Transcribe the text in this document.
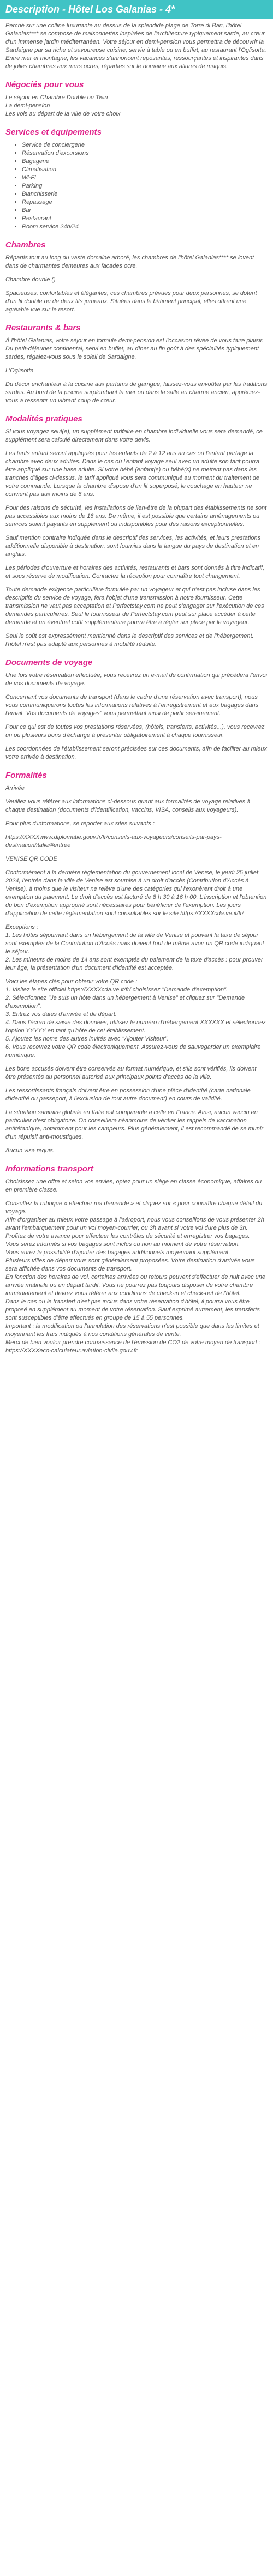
Description - Hôtel Los Galanias - 4*

Perché sur une colline luxuriante au dessus de la splendide plage de Torre di Bari, l'hôtel Galanias**** se compose de maisonnettes inspirées de l'architecture typiquement sarde, au cœur d'un immense jardin méditerranéen. Votre séjour en demi-pension vous permettra de découvrir la Sardaigne par sa riche et savoureuse cuisine, servie à table ou en buffet, au restaurant l'Oglisotta. Entre mer et montagne, les vacances s'annoncent reposantes, ressourçantes et inspirantes dans de jolies chambres aux murs ocres, réparties sur le domaine aux allures de maquis.

Négociés pour vous
Le séjour en Chambre Double ou Twin
La demi-pension
Les vols au départ de la ville de votre choix
Services et équipements
• Service de conciergerie
• Réservation d'excursions
• Bagagerie
• Climatisation
• Wi-Fi
• Parking
• Blanchisserie
• Repassage
• Bar
• Restaurant
• Room service 24h/24
Chambres

Répartis tout au long du vaste domaine arboré, les chambres de l'hôtel Galanias**** se lovent dans de charmantes demeures aux façades ocre.

Chambre double ()

Spacieuses, confortables et élégantes, ces chambres prévues pour deux personnes, se dotent d'un lit double ou de deux lits jumeaux. Situées dans le bâtiment principal, elles offrent une agréable vue sur le resort.

Restaurants & bars

À l'hôtel Galanias, votre séjour en formule demi-pension est l'occasion rêvée de vous faire plaisir. Du petit-déjeuner continental, servi en buffet, au dîner au fin goût à des spécialités typiquement sardes, régalez-vous sous le soleil de Sardaigne.

L'Oglisotta

Du décor enchanteur à la cuisine aux parfums de garrigue, laissez-vous envoûter par les traditions sardes. Au bord de la piscine surplombant la mer ou dans la salle au charme ancien, appréciez-vous à ressentir un vibrant coup de cœur.

Modalités pratiques

Si vous voyagez seul(e), un supplément tarifaire en chambre individuelle vous sera demandé, ce supplément sera calculé directement dans votre devis.

Les tarifs enfant seront appliqués pour les enfants de 2 à 12 ans au cas où l'enfant partage la chambre avec deux adultes. Dans le cas où l'enfant voyage seul avec un adulte son tarif pourra être appliqué sur une base adulte. Si votre bébé (enfant(s) ou bébé(s) ne mettent pas dans les tranches d'âges ci-dessus, le tarif appliqué vous sera communiqué au moment du traitement de votre commande. Lorsque la chambre dispose d'un lit superposé, le couchage en hauteur ne convient pas aux moins de 6 ans.

Pour des raisons de sécurité, les installations de lien-être de la plupart des établissements ne sont pas accessibles aux moins de 16 ans. De même, il est possible que certains aménagements ou services soient payants en supplément ou indisponibles pour des raisons exceptionnelles.

Sauf mention contraire indiquée dans le descriptif des services, les activités, et leurs prestations additionnelle disponible à destination, sont fournies dans la langue du pays de destination et en anglais.

Les périodes d'ouverture et horaires des activités, restaurants et bars sont donnés à titre indicatif, et sous réserve de modification. Contactez la réception pour connaître tout changement.

Toute demande exigence particulière formulée par un voyageur et qui n'est pas incluse dans les descriptifs du service de voyage, fera l'objet d'une transmission à notre fournisseur. Cette transmission ne vaut pas acceptation et Perfectstay.com ne peut s'engager sur l'exécution de ces demandes particulières. Seul le fournisseur de Perfectstay.com peut sur place accéder à cette demande et un éventuel coût supplémentaire pourra être à régler sur place par le voyageur.

Seul le coût est expressément mentionné dans le descriptif des services et de l'hébergement. l'hôtel n'est pas adapté aux personnes à mobilité réduite.

Documents de voyage

Une fois votre réservation effectuée, vous recevrez un e-mail de confirmation qui précèdera l'envoi de vos documents de voyage.

Concernant vos documents de transport (dans le cadre d'une réservation avec transport), nous vous communiquerons toutes les informations relatives à l'enregistrement et aux bagages dans l'email "Vos documents de voyages" vous permettant ainsi de partir sereinement.

Pour ce qui est de toutes vos prestations réservées, (hôtels, transferts, activités...), vous recevrez un ou plusieurs bons d'échange à présenter obligatoirement à chaque fournisseur.

Les coordonnées de l'établissement seront précisées sur ces documents, afin de faciliter au mieux votre arrivée à destination.

Formalités

Arrivée

Veuillez vous référer aux informations ci-dessous quant aux formalités de voyage relatives à chaque destination (documents d'identification, vaccins, VISA, conseils aux voyageurs).

Pour plus d'informations, se reporter aux sites suivants :

https://XXXXwww.diplomatie.gouv.fr/fr/conseils-aux-voyageurs/conseils-par-pays-destination/italie/#entree

VENISE QR CODE

Conformément à la dernière réglementation du gouvernement local de Venise, le jeudi 25 juillet 2024, l'entrée dans la ville de Venise est soumise à un droit d'accès (Contribution d'Accès à Venise), à moins que le visiteur ne relève d'une des catégories qui l'exonèrent droit à une exemption du paiement. Le droit d'accès est facturé de 8 h 30 à 16 h 00. L'inscription et l'obtention du bon d'exemption approprié sont nécessaires pour bénéficier de l'exemption. Les jours d'application de cette réglementation sont consultables sur le site https://XXXXcda.ve.it/fr/

Exceptions :

1. Les hôtes séjournant dans un hébergement de la ville de Venise et pouvant la taxe de séjour sont exemptés de la Contribution d'Accès mais doivent tout de même avoir un QR code indiquant le séjour.

2. Les mineurs de moins de 14 ans sont exemptés du paiement de la taxe d'accès : pour prouver leur âge, la présentation d'un document d'identité est acceptée.

Voici les étapes clés pour obtenir votre QR code :

1. Visitez le site officiel https://XXXXcda.ve.it/fr/ choisissez "Demande d'exemption".

2. Sélectionnez "Je suis un hôte dans un hébergement à Venise" et cliquez sur "Demande d'exemption".

3. Entrez vos dates d'arrivée et de départ.

4. Dans l'écran de saisie des données, utilisez le numéro d'hébergement XXXXXX et sélectionnez l'option YYYYY en tant qu'hôte de cet établissement.

5. Ajoutez les noms des autres invités avec "Ajouter Visiteur".

6. Vous recevrez votre QR code électroniquement. Assurez-vous de sauvegarder un exemplaire numérique.

Les bons accusés doivent être conservés au format numérique, et s'ils sont vérifiés, ils doivent être présentés au personnel autorisé aux principaux points d'accès de la ville.

Les ressortissants français doivent être en possession d'une pièce d'identité (carte nationale d'identité ou passeport, à l'exclusion de tout autre document) en cours de validité.

La situation sanitaire globale en Italie est comparable à celle en France. Ainsi, aucun vaccin en particulier n'est obligatoire. On conseillera néanmoins de vérifier les rappels de vaccination antitétanique, notamment pour les campeurs. Plus généralement, il est recommandé de se munir d'un répulsif anti-moustiques.

Aucun visa requis.

Informations transport

Choisissez une offre et selon vos envies, optez pour un siège en classe économique, affaires ou en première classe.

Consultez la rubrique « effectuer ma demande » et cliquez sur « pour connaître chaque détail du voyage.

Afin d'organiser au mieux votre passage à l'aéroport, nous vous conseillons de vous présenter 2h avant l'embarquement pour un vol moyen-courrier, ou 3h avant si votre vol dure plus de 3h. Profitez de votre avance pour effectuer les contrôles de sécurité et enregistrer vos bagages.

Vous serez informés si vos bagages sont inclus ou non au moment de votre réservation.

Vous aurez la possibilité d'ajouter des bagages additionnels moyennant supplément.

Plusieurs villes de départ vous sont généralement proposées. Votre destination d'arrivée vous sera affichée dans vos documents de transport.

En fonction des horaires de vol, certaines arrivées ou retours peuvent s'effectuer de nuit avec une arrivée matinale ou un départ tardif. Vous ne pourrez pas toujours disposer de votre chambre immédiatement et devrez vous référer aux conditions de check-in et check-out de l'hôtel.

Dans le cas où le transfert n'est pas inclus dans votre réservation d'hôtel, il pourra vous être proposé en supplément au moment de votre réservation. Sauf exprimé autrement, les transferts sont susceptibles d'être effectués en groupe de 15 à 55 personnes.

Important : la modification ou l'annulation des réservations n'est possible que dans les limites et moyennant les frais indiqués à nos conditions générales de vente.

Merci de bien vouloir prendre connaissance de l'émission de CO2 de votre moyen de transport : https://XXXXeco-calculateur.aviation-civile.gouv.fr
